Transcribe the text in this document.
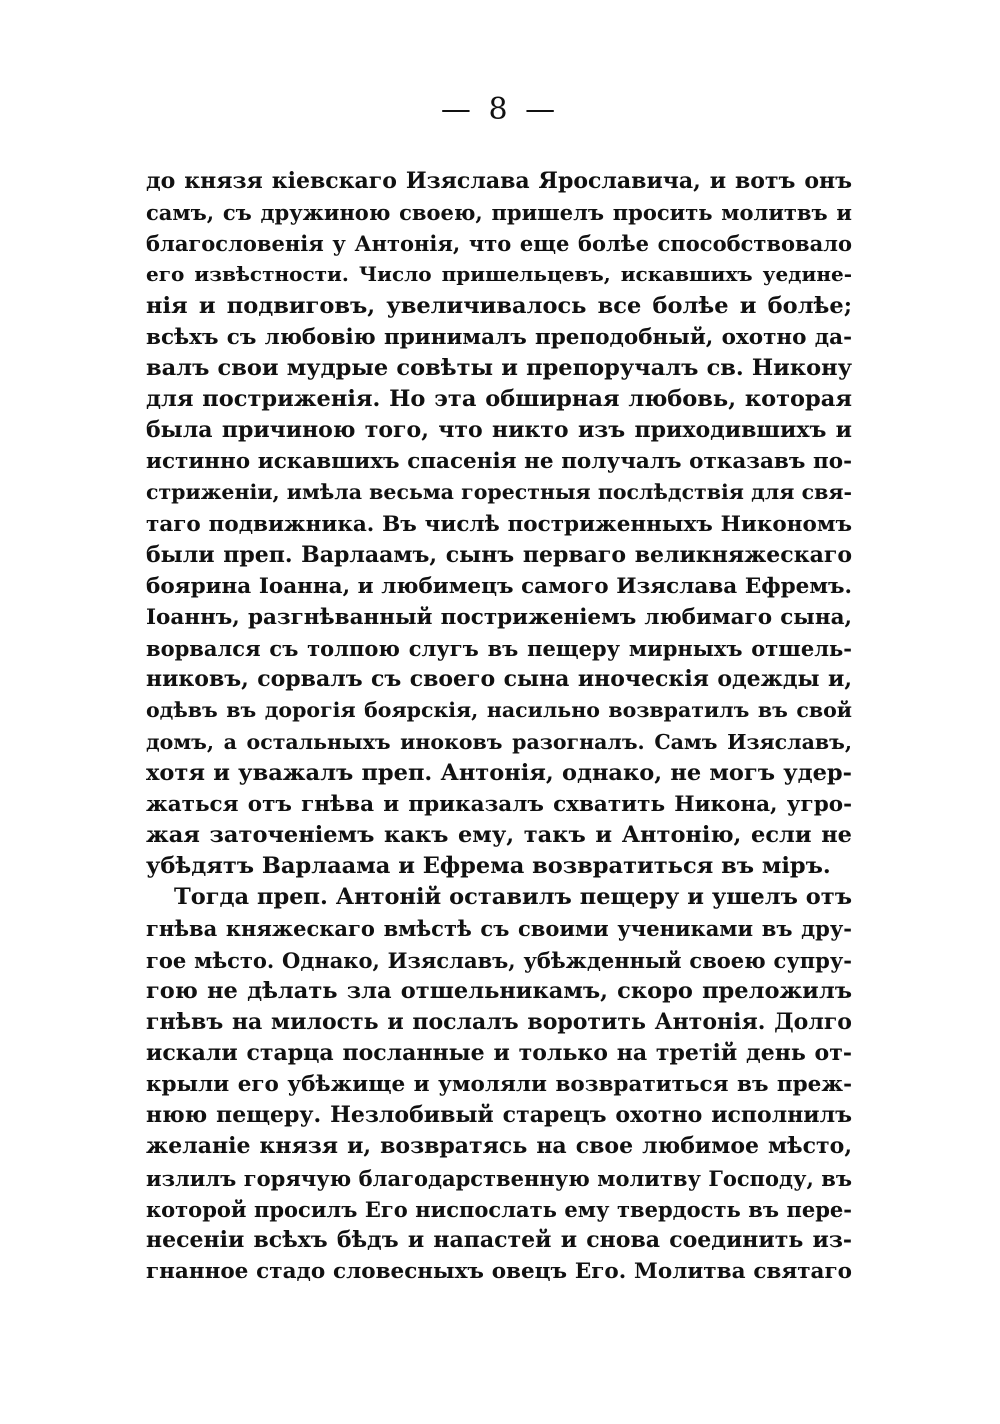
— 8 —
до князя кіевскаго Изяслава Ярославича, и вотъ онъ
самъ, съ дружиною своею, пришелъ просить молитвъ и
благословенія у Антонія, что еще болѣе способствовало
его извѣстности. Число пришельцевъ, искавшихъ уедине-
нія и подвиговъ, увеличивалось все болѣе и болѣе;
всѣхъ съ любовію принималъ преподобный, охотно да-
валъ свои мудрые совѣты и препоручалъ св. Никону
для постриженія. Но эта обширная любовь, которая
была причиною того, что никто изъ приходившихъ и
истинно искавшихъ спасенія не получалъ отказавъ по-
стриженіи, имѣла весьма горестныя послѣдствія для свя-
таго подвижника. Въ числѣ постриженныхъ Никономъ
были преп. Варлаамъ, сынъ перваго великняжескаго
боярина Іоанна, и любимецъ самого Изяслава Ефремъ.
Іоаннъ, разгнѣванный постриженіемъ любимаго сына,
ворвался съ толпою слугъ въ пещеру мирныхъ отшель-
никовъ, сорвалъ съ своего сына иноческія одежды и,
одѣвъ въ дорогія боярскія, насильно возвратилъ въ свой
домъ, а остальныхъ иноковъ разогналъ. Самъ Изяславъ,
хотя и уважалъ преп. Антонія, однако, не могъ удер-
жаться отъ гнѣва и приказалъ схватить Никона, угро-
жая заточеніемъ какъ ему, такъ и Антонію, если не
убѣдятъ Варлаама и Ефрема возвратиться въ міръ.
Тогда преп. Антоній оставилъ пещеру и ушелъ отъ
гнѣва княжескаго вмѣстѣ съ своими учениками въ дру-
гое мѣсто. Однако, Изяславъ, убѣжденный своею супру-
гою не дѣлать зла отшельникамъ, скоро преложилъ
гнѣвъ на милость и послалъ воротить Антонія. Долго
искали старца посланные и только на третій день от-
крыли его убѣжище и умоляли возвратиться въ преж-
нюю пещеру. Незлобивый старецъ охотно исполнилъ
желаніе князя и, возвратясь на свое любимое мѣсто,
излилъ горячую благодарственную молитву Господу, въ
которой просилъ Его ниспослать ему твердость въ пере-
несеніи всѣхъ бѣдъ и напастей и снова соединить из-
гнанное стадо словесныхъ овецъ Его. Молитва святаго
